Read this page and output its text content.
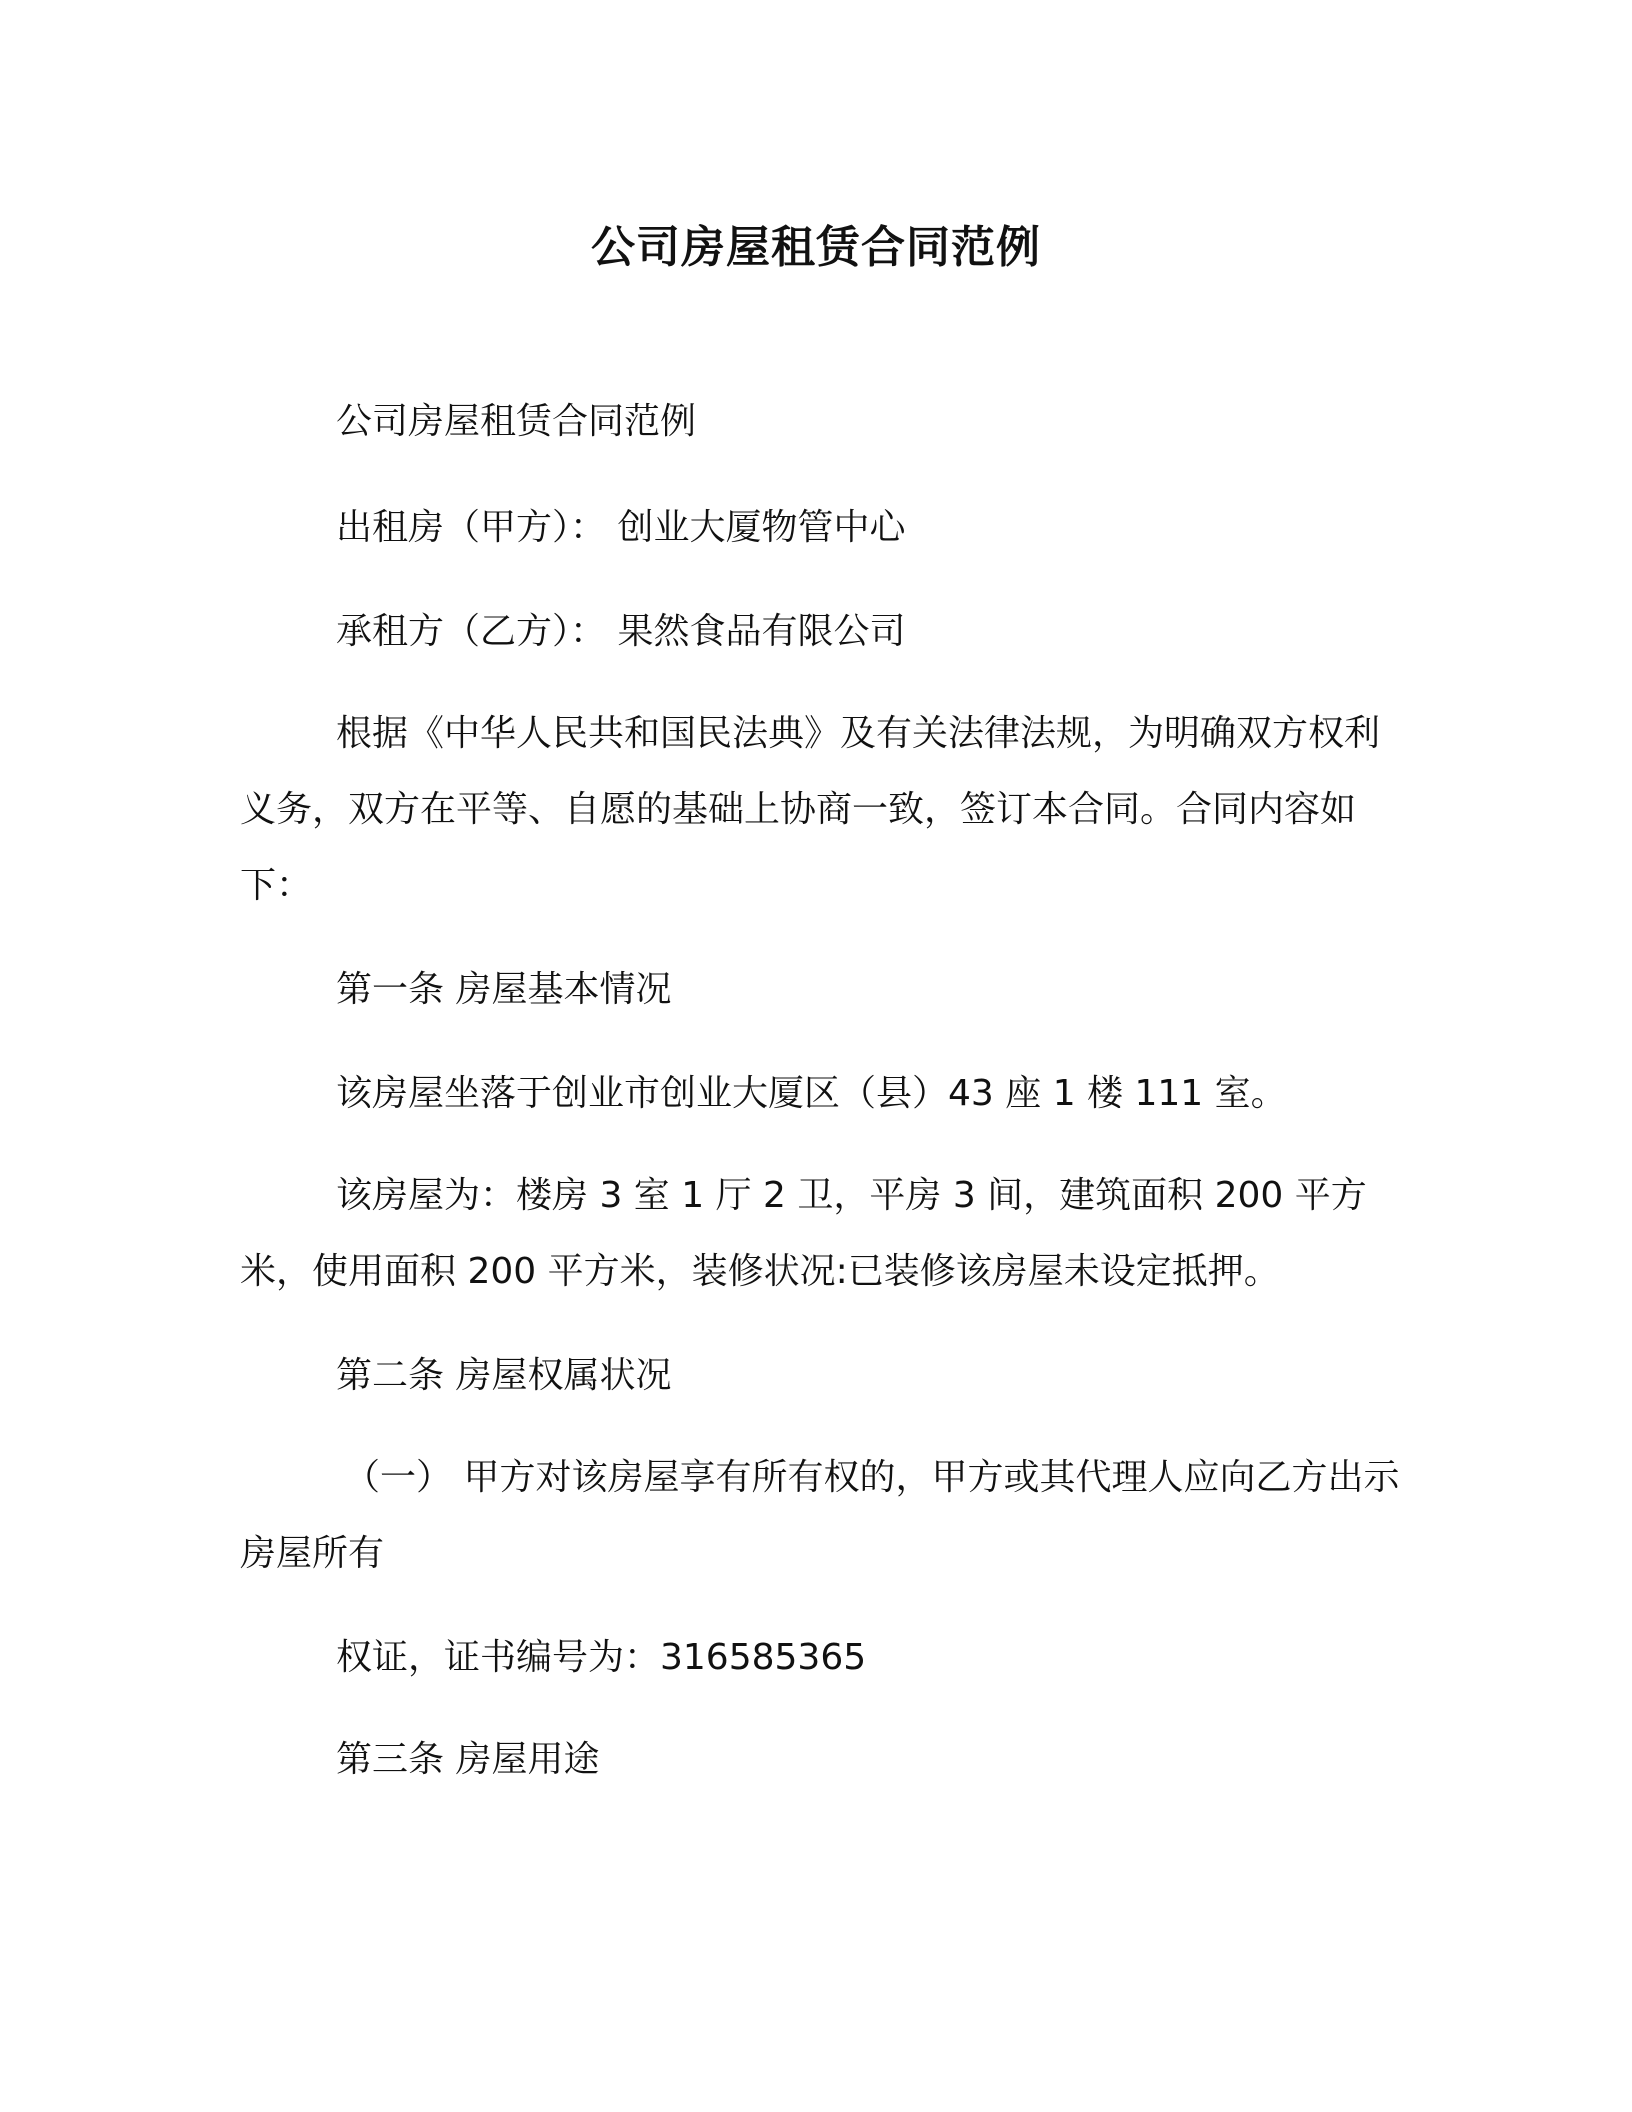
公司房屋租赁合同范例

公司房屋租赁合同范例

出租房（甲方）： 创业大厦物管中心

承租方（乙方）： 果然食品有限公司

根据《中华人民共和国民法典》及有关法律法规，为明确双方权利义务，双方在平等、自愿的基础上协商一致，签订本合同。合同内容如下：

第一条 房屋基本情况

该房屋坐落于创业市创业大厦区（县）43 座 1 楼 111 室。

该房屋为：楼房 3 室 1 厅 2 卫，平房 3 间，建筑面积 200 平方米，使用面积 200 平方米，装修状况:已装修该房屋未设定抵押。

第二条 房屋权属状况

（一） 甲方对该房屋享有所有权的，甲方或其代理人应向乙方出示房屋所有

权证，证书编号为：316585365

第三条 房屋用途
